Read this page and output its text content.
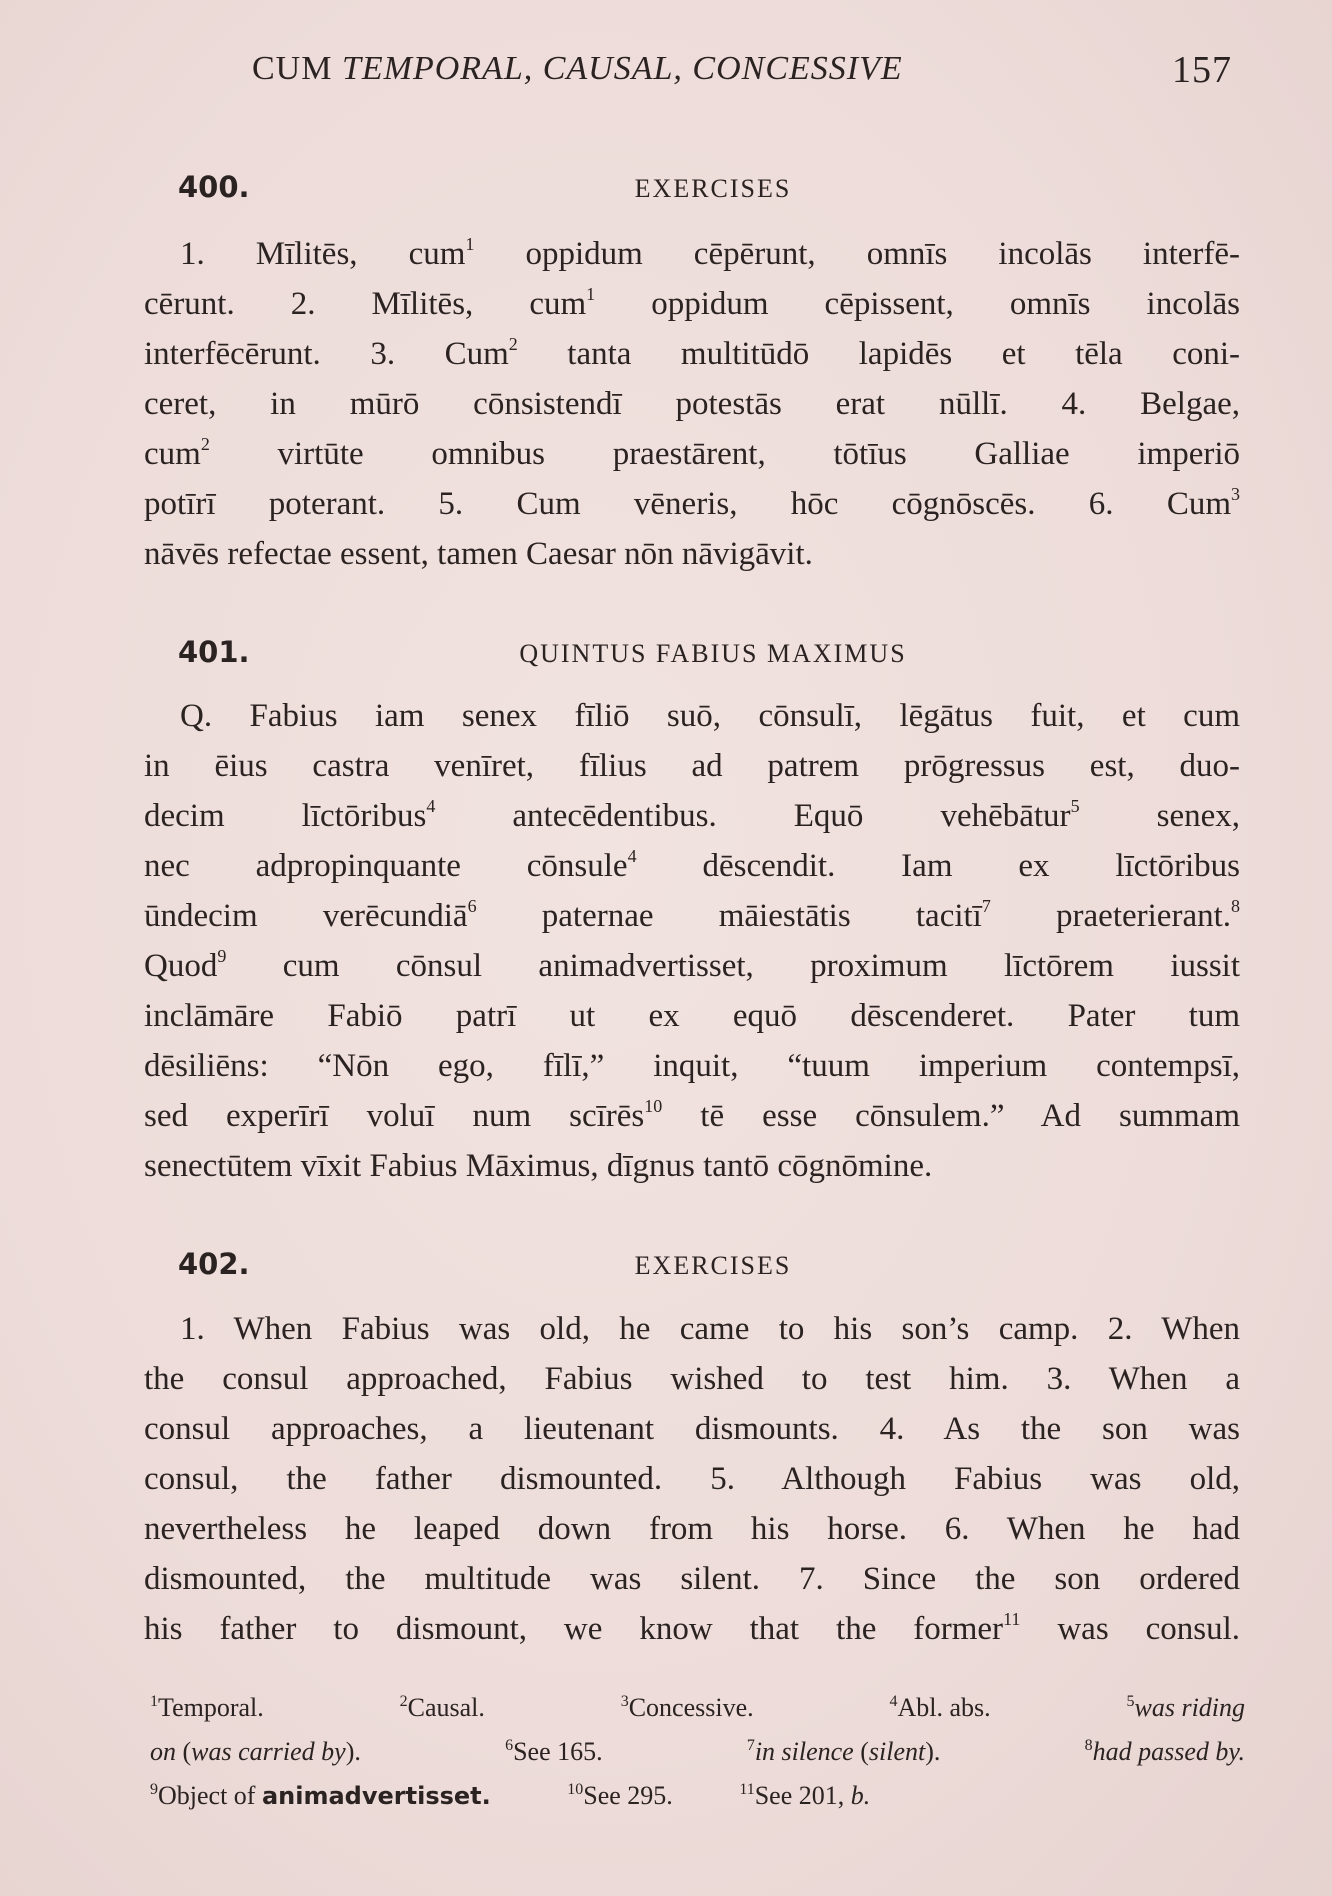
CUM TEMPORAL, CAUSAL, CONCESSIVE	157
400.	EXERCISES
1. Mīlitēs, cum$^1$ oppidum cēpērunt, omnīs incolās interfē-
cērunt. 2. Mīlitēs, cum$^1$ oppidum cēpissent, omnīs incolās
interfēcērunt. 3. Cum$^2$ tanta multitūdō lapidēs et tēla coni-
ceret, in mūrō cōnsistendī potestās erat nūllī. 4. Belgae,
cum$^2$ virtūte omnibus praestārent, tōtīus Galliae imperiō
potīrī poterant. 5. Cum vēneris, hōc cōgnōscēs. 6. Cum$^3$
nāvēs refectae essent, tamen Caesar nōn nāvigāvit.
401.	QUINTUS FABIUS MAXIMUS
Q. Fabius iam senex fīliō suō, cōnsulī, lēgātus fuit, et cum
in ēius castra venīret, fīlius ad patrem prōgressus est, duo-
decim līctōribus$^4$ antecēdentibus. Equō vehēbātur$^5$ senex,
nec adpropinquante cōnsule$^4$ dēscendit. Iam ex līctōribus
ūndecim verēcundiā$^6$ paternae māiestātis tacitī$^7$ praeterierant.$^8$
Quod$^9$ cum cōnsul animadvertisset, proximum līctōrem iussit
inclāmāre Fabiō patrī ut ex equō dēscenderet. Pater tum
dēsiliēns: “Nōn ego, fīlī,” inquit, “tuum imperium contempsī,
sed experīrī voluī num scīrēs$^{10}$ tē esse cōnsulem.” Ad summam
senectūtem vīxit Fabius Māximus, dīgnus tantō cōgnōmine.
402.	EXERCISES
1. When Fabius was old, he came to his son’s camp. 2. When
the consul approached, Fabius wished to test him. 3. When a
consul approaches, a lieutenant dismounts. 4. As the son was
consul, the father dismounted. 5. Although Fabius was old,
nevertheless he leaped down from his horse. 6. When he had
dismounted, the multitude was silent. 7. Since the son ordered
his father to dismount, we know that the former$^{11}$ was consul.
$^1$Temporal.	$^2$Causal.	$^3$Concessive.	$^4$Abl. abs.	$^5$was riding
on (was carried by).	$^6$See 165.	$^7$in silence (silent).	$^8$had passed by.
$^9$Object of animadvertisset.	$^{10}$See 295.	$^{11}$See 201, b.
